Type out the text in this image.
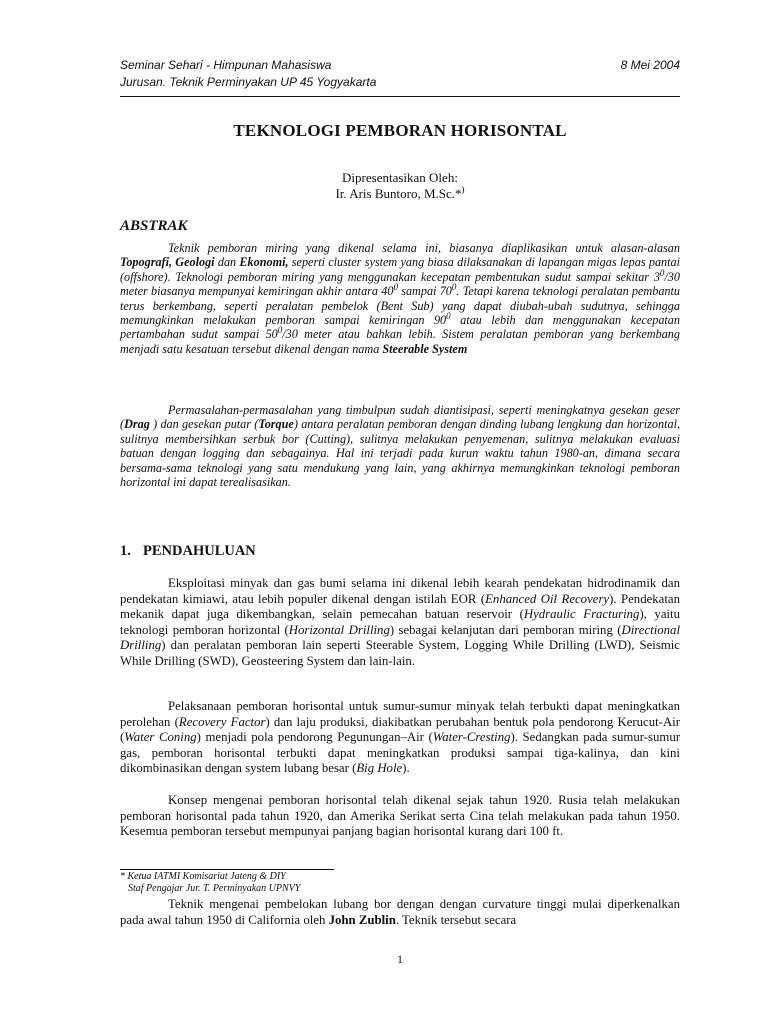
Seminar Sehari - Himpunan Mahasiswa	8 Mei 2004
Jurusan. Teknik Perminyakan UP 45 Yogyakarta
TEKNOLOGI PEMBORAN HORISONTAL
Dipresentasikan Oleh:
Ir. Aris Buntoro, M.Sc.*)
ABSTRAK

Teknik pemboran miring yang dikenal selama ini, biasanya diaplikasikan untuk alasan-alasan Topografi, Geologi dan Ekonomi, seperti cluster system yang biasa dilaksanakan di lapangan migas lepas pantai (offshore). Teknologi pemboran miring yang menggunakan kecepatan pembentukan sudut sampai sekitar $3^0/30$ meter biasanya mempunyai kemiringan akhir antara $40^0$ sampai $70^0$. Tetapi karena teknologi peralatan pembantu terus berkembang, seperti peralatan pembelok (Bent Sub) yang dapat diubah-ubah sudutnya, sehingga memungkinkan melakukan pemboran sampai kemiringan $90^0$ atau lebih dan menggunakan kecepatan pertambahan sudut sampai $50^0/30$ meter atau bahkan lebih. Sistem peralatan pemboran yang berkembang menjadi satu kesatuan tersebut dikenal dengan nama Steerable System

Permasalahan-permasalahan yang timbulpun sudah diantisipasi, seperti meningkatnya gesekan geser (Drag ) dan gesekan putar (Torque) antara peralatan pemboran dengan dinding lubang lengkung dan horizontal, sulitnya membersihkan serbuk bor (Cutting), sulitnya melakukan penyemenan, sulitnya melakukan evaluasi batuan dengan logging dan sebagainya. Hal ini terjadi pada kurun waktu tahun 1980-an, dimana secara bersama-sama teknologi yang satu mendukung yang lain, yang akhirnya memungkinkan teknologi pemboran horizontal ini dapat terealisasikan.

1. PENDAHULUAN

Eksploitasi minyak dan gas bumi selama ini dikenal lebih kearah pendekatan hidrodinamik dan pendekatan kimiawi, atau lebih populer dikenal dengan istilah EOR (Enhanced Oil Recovery). Pendekatan mekanik dapat juga dikembangkan, selain pemecahan batuan reservoir (Hydraulic Fracturing), yaitu teknologi pemboran horizontal (Horizontal Drilling) sebagai kelanjutan dari pemboran miring (Directional Drilling) dan peralatan pemboran lain seperti Steerable System, Logging While Drilling (LWD), Seismic While Drilling (SWD), Geosteering System dan lain-lain.

Pelaksanaan pemboran horisontal untuk sumur-sumur minyak telah terbukti dapat meningkatkan perolehan (Recovery Factor) dan laju produksi, diakibatkan perubahan bentuk pola pendorong Kerucut-Air (Water Coning) menjadi pola pendorong Pegunungan–Air (Water-Cresting). Sedangkan pada sumur-sumur gas, pemboran horisontal terbukti dapat meningkatkan produksi sampai tiga-kalinya, dan kini dikombinasikan dengan system lubang besar (Big Hole).

Konsep mengenai pemboran horisontal telah dikenal sejak tahun 1920. Rusia telah melakukan pemboran horisontal pada tahun 1920, dan Amerika Serikat serta Cina telah melakukan pada tahun 1950. Kesemua pemboran tersebut mempunyai panjang bagian horisontal kurang dari 100 ft.

* Ketua IATMI Komisariat Jateng & DIY
Staf Pengajar Jur. T. Perminyakan UPNVY

Teknik mengenai pembelokan lubang bor dengan dengan curvature tinggi mulai diperkenalkan pada awal tahun 1950 di California oleh John Zublin. Teknik tersebut secara

1
